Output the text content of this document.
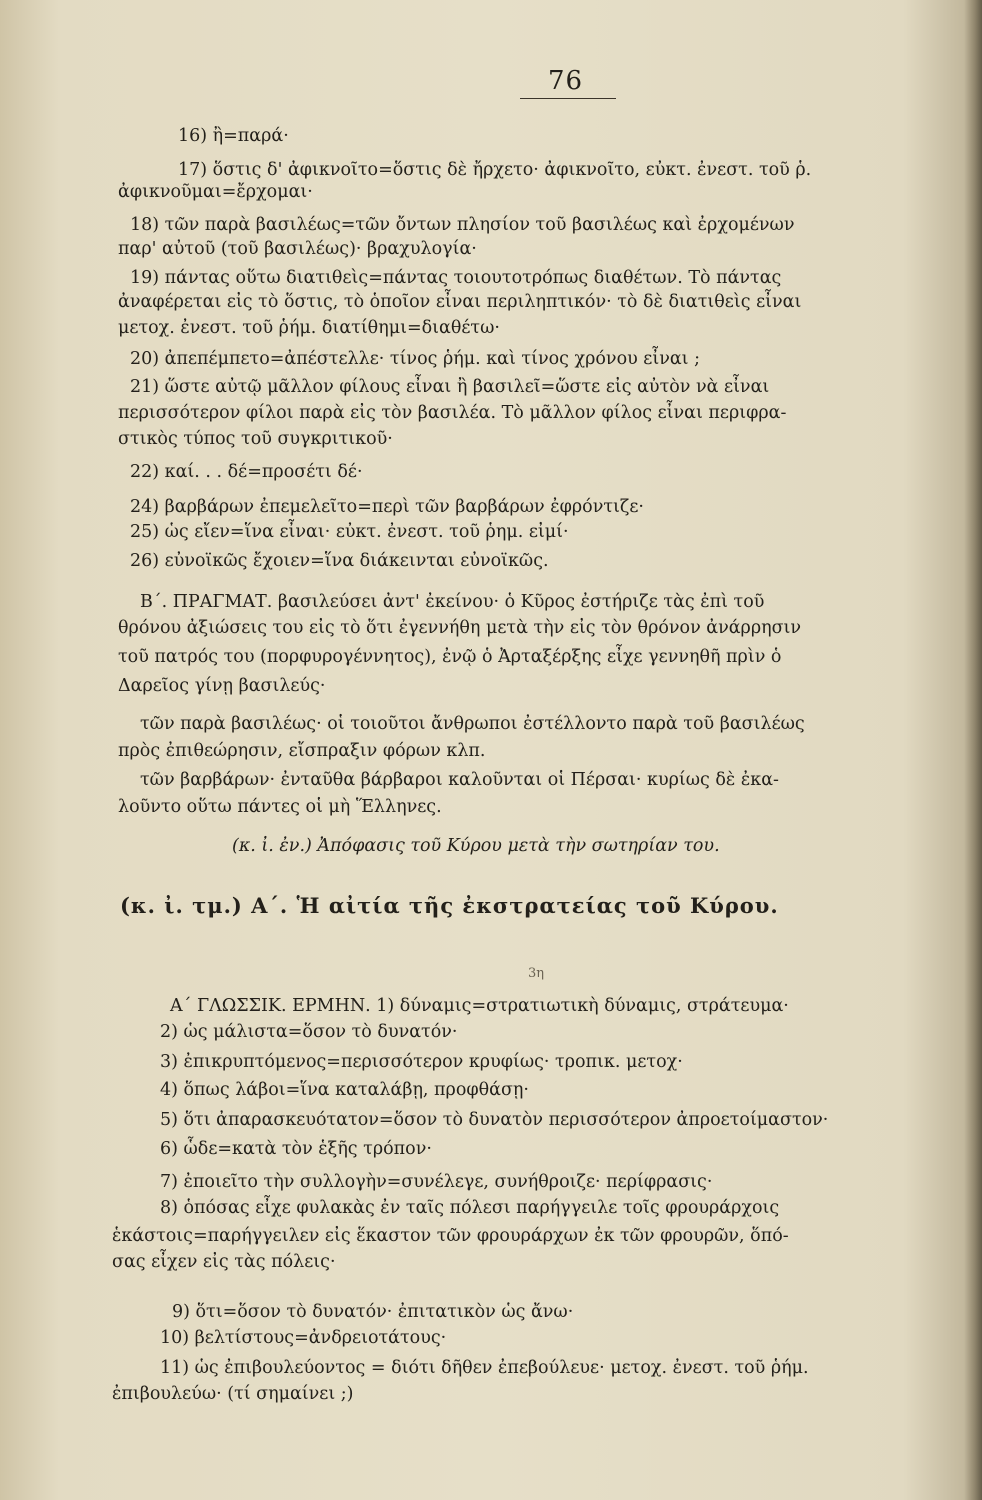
76
16) ἢ=παρά·
17) ὅστις δ' ἀφικνοῖτο=ὅστις δὲ ἤρχετο· ἀφικνοῖτο, εὐκτ. ἐνεστ. τοῦ ῥ.
ἀφικνοῦμαι=ἔρχομαι·
18) τῶν παρὰ βασιλέως=τῶν ὄντων πλησίον τοῦ βασιλέως καὶ ἐρχομένων
παρ' αὐτοῦ (τοῦ βασιλέως)· βραχυλογία·
19) πάντας οὕτω διατιθεὶς=πάντας τοιουτοτρόπως διαθέτων. Τὸ πάντας
ἀναφέρεται εἰς τὸ ὅστις, τὸ ὁποῖον εἶναι περιληπτικόν· τὸ δὲ διατιθεὶς εἶναι
μετοχ. ἐνεστ. τοῦ ῥήμ. διατίθημι=διαθέτω·
20) ἀπεπέμπετο=ἀπέστελλε· τίνος ῥήμ. καὶ τίνος χρόνου εἶναι ;
21) ὥστε αὐτῷ μᾶλλον φίλους εἶναι ἢ βασιλεῖ=ὥστε εἰς αὐτὸν νὰ εἶναι
περισσότερον φίλοι παρὰ εἰς τὸν βασιλέα. Τὸ μᾶλλον φίλος εἶναι περιφρα-
στικὸς τύπος τοῦ συγκριτικοῦ·
22) καί. . . δέ=προσέτι δέ·
24) βαρβάρων ἐπεμελεῖτο=περὶ τῶν βαρβάρων ἐφρόντιζε·
25) ὡς εἴεν=ἵνα εἶναι· εὐκτ. ἐνεστ. τοῦ ῥημ. εἰμί·
26) εὐνοϊκῶς ἔχοιεν=ἵνα διάκεινται εὐνοϊκῶς.
Β΄. ΠΡΑΓΜΑΤ. βασιλεύσει ἀντ' ἐκείνου· ὁ Κῦρος ἐστήριζε τὰς ἐπὶ τοῦ
θρόνου ἀξιώσεις του εἰς τὸ ὅτι ἐγεννήθη μετὰ τὴν εἰς τὸν θρόνον ἀνάρρησιν
τοῦ πατρός του (πορφυρογέννητος), ἐνῷ ὁ Ἀρταξέρξης εἶχε γεννηθῆ πρὶν ὁ
Δαρεῖος γίνῃ βασιλεύς·
τῶν παρὰ βασιλέως· οἱ τοιοῦτοι ἄνθρωποι ἐστέλλοντο παρὰ τοῦ βασιλέως
πρὸς ἐπιθεώρησιν, εἴσπραξιν φόρων κλπ.
τῶν βαρβάρων· ἐνταῦθα βάρβαροι καλοῦνται οἱ Πέρσαι· κυρίως δὲ ἐκα-
λοῦντο οὕτω πάντες οἱ μὴ Ἕλληνες.
(κ. ἰ. ἐν.) Ἀπόφασις τοῦ Κύρου μετὰ τὴν σωτηρίαν του.
(κ. ἰ. τμ.) Α΄. Ἡ αἰτία τῆς ἐκστρατείας τοῦ Κύρου.
3η
Α΄ ΓΛΩΣΣΙΚ. ΕΡΜΗΝ. 1) δύναμις=στρατιωτικὴ δύναμις, στράτευμα·
2) ὡς μάλιστα=ὅσον τὸ δυνατόν·
3) ἐπικρυπτόμενος=περισσότερον κρυφίως· τροπικ. μετοχ·
4) ὅπως λάβοι=ἵνα καταλάβῃ, προφθάσῃ·
5) ὅτι ἀπαρασκευότατον=ὅσον τὸ δυνατὸν περισσότερον ἀπροετοίμαστον·
6) ὧδε=κατὰ τὸν ἑξῆς τρόπον·
7) ἐποιεῖτο τὴν συλλογὴν=συνέλεγε, συνήθροιζε· περίφρασις·
8) ὁπόσας εἶχε φυλακὰς ἐν ταῖς πόλεσι παρήγγειλε τοῖς φρουράρχοις
ἑκάστοις=παρήγγειλεν εἰς ἕκαστον τῶν φρουράρχων ἐκ τῶν φρουρῶν, ὅπό-
σας εἶχεν εἰς τὰς πόλεις·
9) ὅτι=ὅσον τὸ δυνατόν· ἐπιτατικὸν ὡς ἄνω·
10) βελτίστους=ἀνδρειοτάτους·
11) ὡς ἐπιβουλεύοντος = διότι δῆθεν ἐπεβούλευε· μετοχ. ἐνεστ. τοῦ ῥήμ.
ἐπιβουλεύω· (τί σημαίνει ;)
